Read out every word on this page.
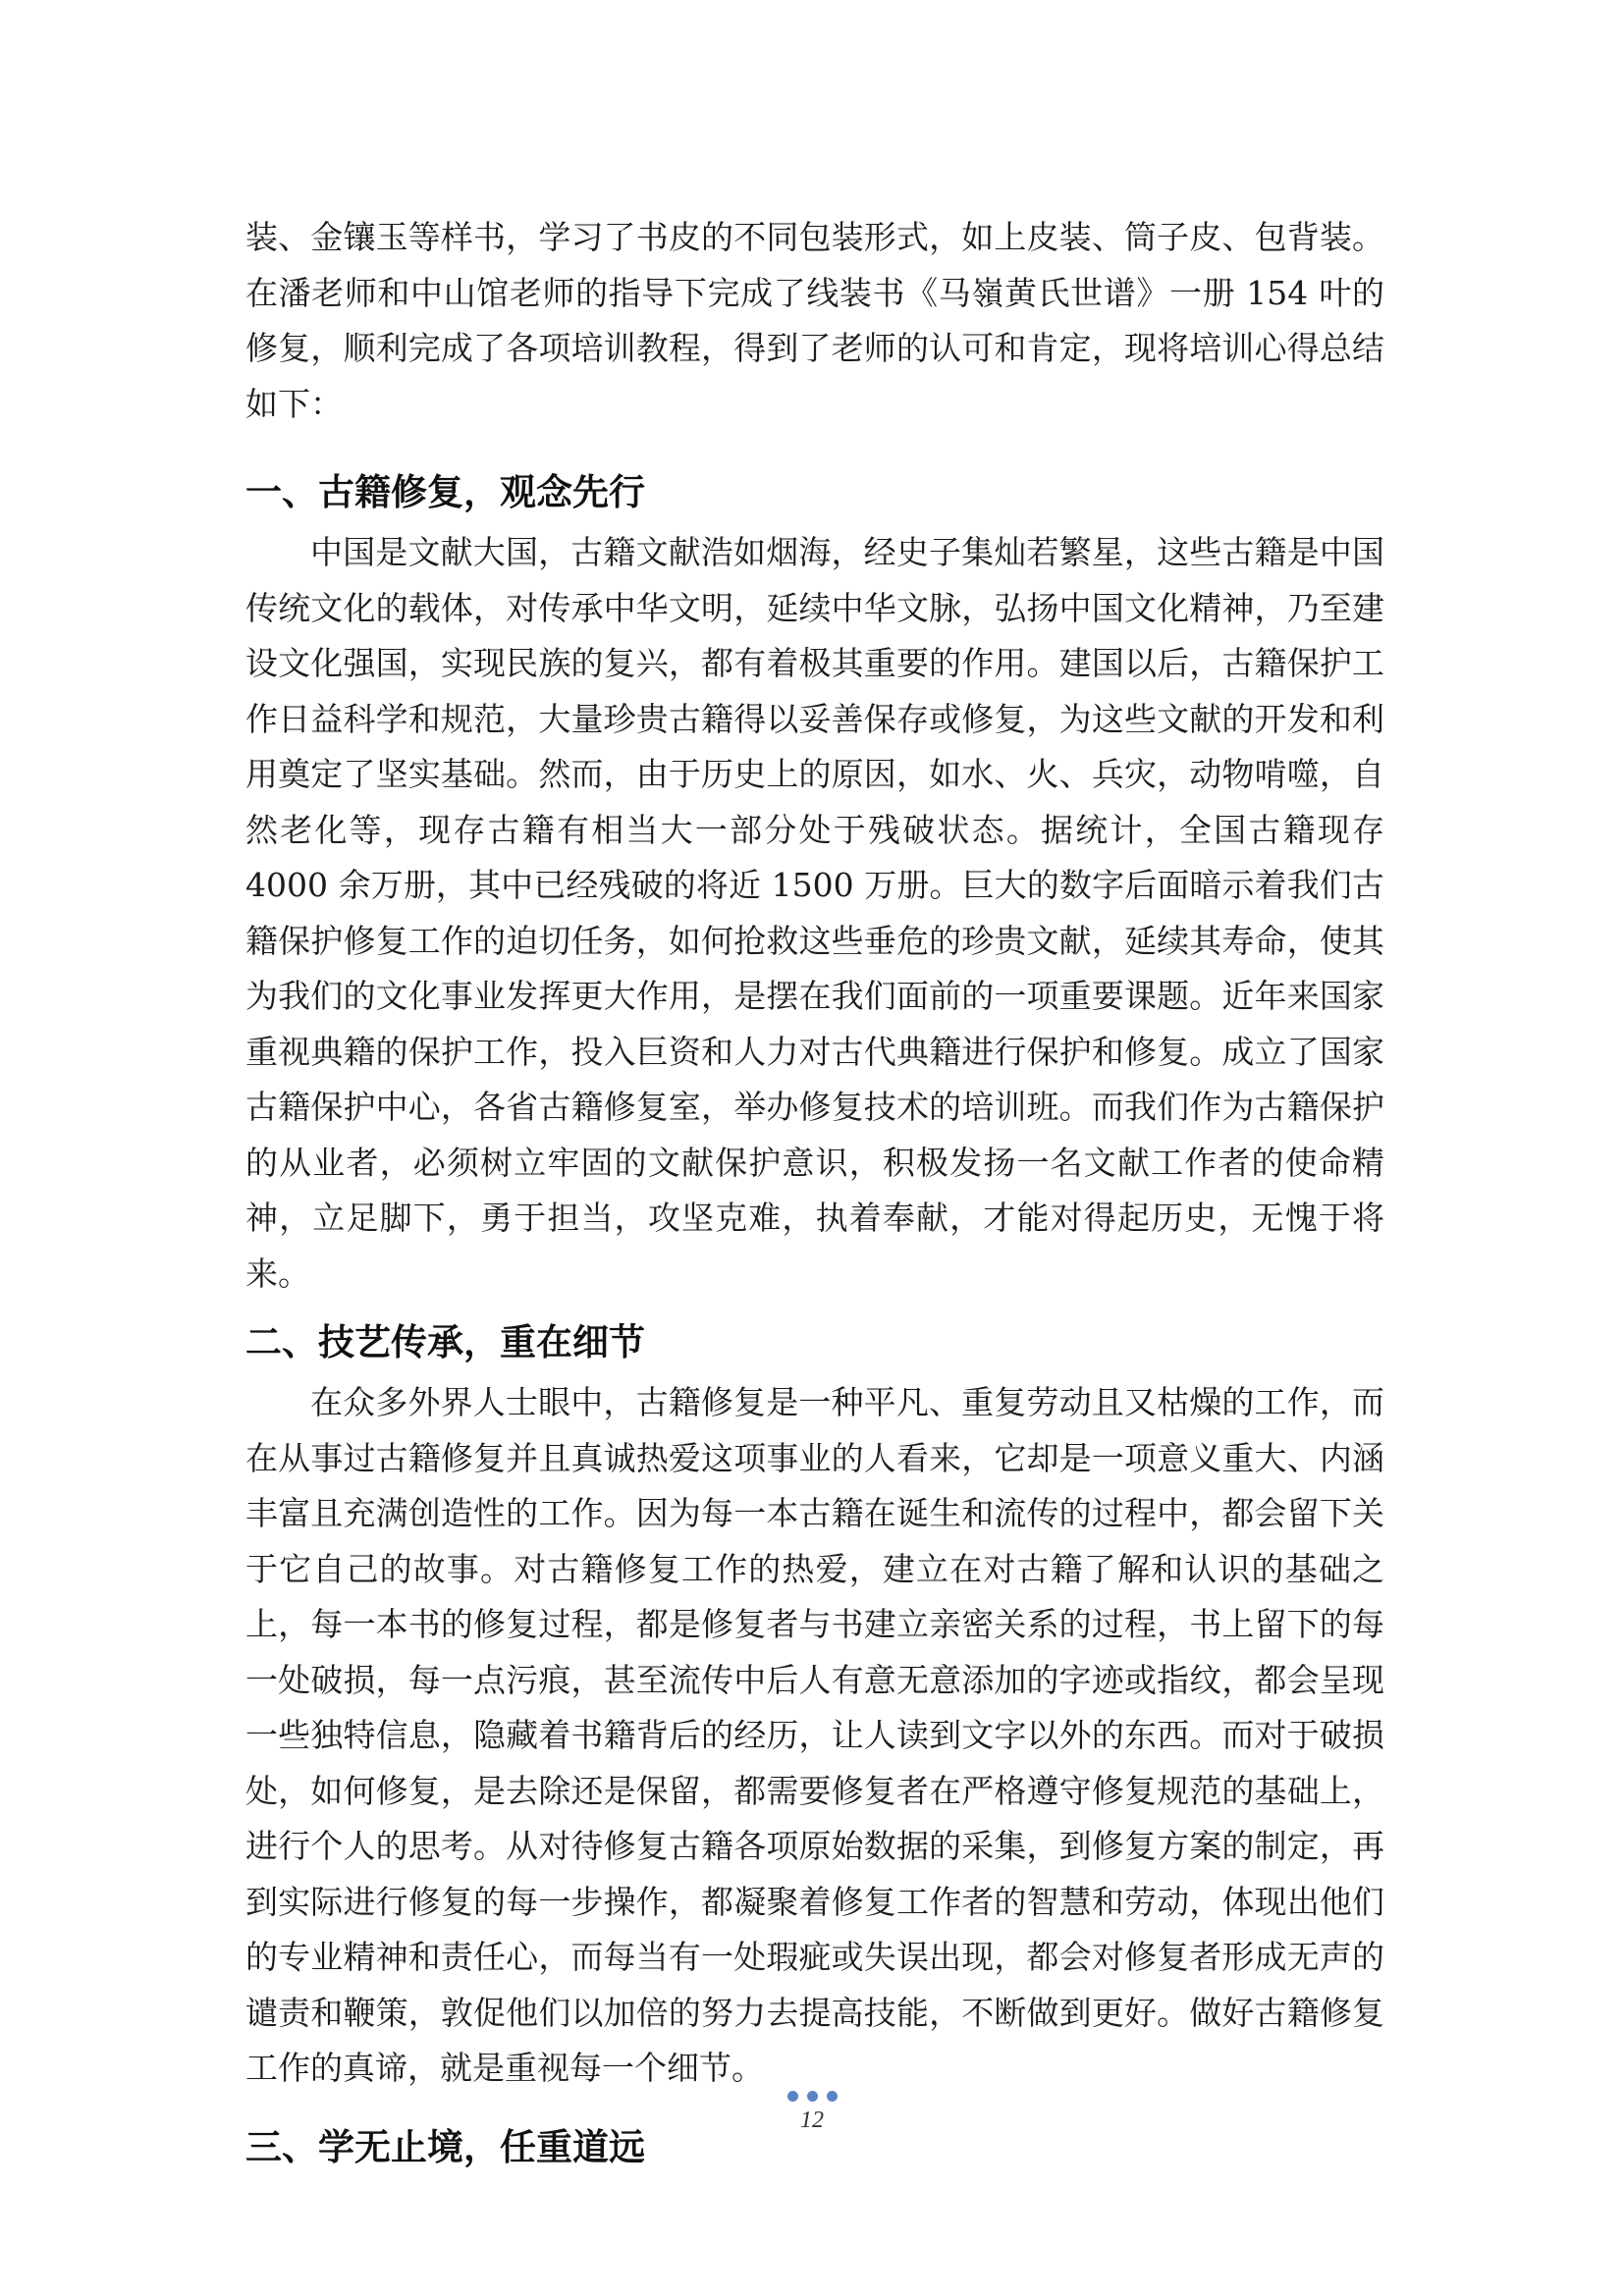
装、金镶玉等样书，学习了书皮的不同包装形式，如上皮装、筒子皮、包背装。在潘老师和中山馆老师的指导下完成了线装书《马嶺黄氏世谱》一册 154 叶的修复，顺利完成了各项培训教程，得到了老师的认可和肯定，现将培训心得总结如下：

一、古籍修复，观念先行

中国是文献大国，古籍文献浩如烟海，经史子集灿若繁星，这些古籍是中国传统文化的载体，对传承中华文明，延续中华文脉，弘扬中国文化精神，乃至建设文化强国，实现民族的复兴，都有着极其重要的作用。建国以后，古籍保护工作日益科学和规范，大量珍贵古籍得以妥善保存或修复，为这些文献的开发和利用奠定了坚实基础。然而，由于历史上的原因，如水、火、兵灾，动物啃噬，自然老化等，现存古籍有相当大一部分处于残破状态。据统计，全国古籍现存 4000 余万册，其中已经残破的将近 1500 万册。巨大的数字后面暗示着我们古籍保护修复工作的迫切任务，如何抢救这些垂危的珍贵文献，延续其寿命，使其为我们的文化事业发挥更大作用，是摆在我们面前的一项重要课题。近年来国家重视典籍的保护工作，投入巨资和人力对古代典籍进行保护和修复。成立了国家古籍保护中心，各省古籍修复室，举办修复技术的培训班。而我们作为古籍保护的从业者，必须树立牢固的文献保护意识，积极发扬一名文献工作者的使命精神，立足脚下，勇于担当，攻坚克难，执着奉献，才能对得起历史，无愧于将来。

二、技艺传承，重在细节

在众多外界人士眼中，古籍修复是一种平凡、重复劳动且又枯燥的工作，而在从事过古籍修复并且真诚热爱这项事业的人看来，它却是一项意义重大、内涵丰富且充满创造性的工作。因为每一本古籍在诞生和流传的过程中，都会留下关于它自己的故事。对古籍修复工作的热爱，建立在对古籍了解和认识的基础之上，每一本书的修复过程，都是修复者与书建立亲密关系的过程，书上留下的每一处破损，每一点污痕，甚至流传中后人有意无意添加的字迹或指纹，都会呈现一些独特信息，隐藏着书籍背后的经历，让人读到文字以外的东西。而对于破损处，如何修复，是去除还是保留，都需要修复者在严格遵守修复规范的基础上，进行个人的思考。从对待修复古籍各项原始数据的采集，到修复方案的制定，再到实际进行修复的每一步操作，都凝聚着修复工作者的智慧和劳动，体现出他们的专业精神和责任心，而每当有一处瑕疵或失误出现，都会对修复者形成无声的谴责和鞭策，敦促他们以加倍的努力去提高技能，不断做到更好。做好古籍修复工作的真谛，就是重视每一个细节。

三、学无止境，任重道远
12
